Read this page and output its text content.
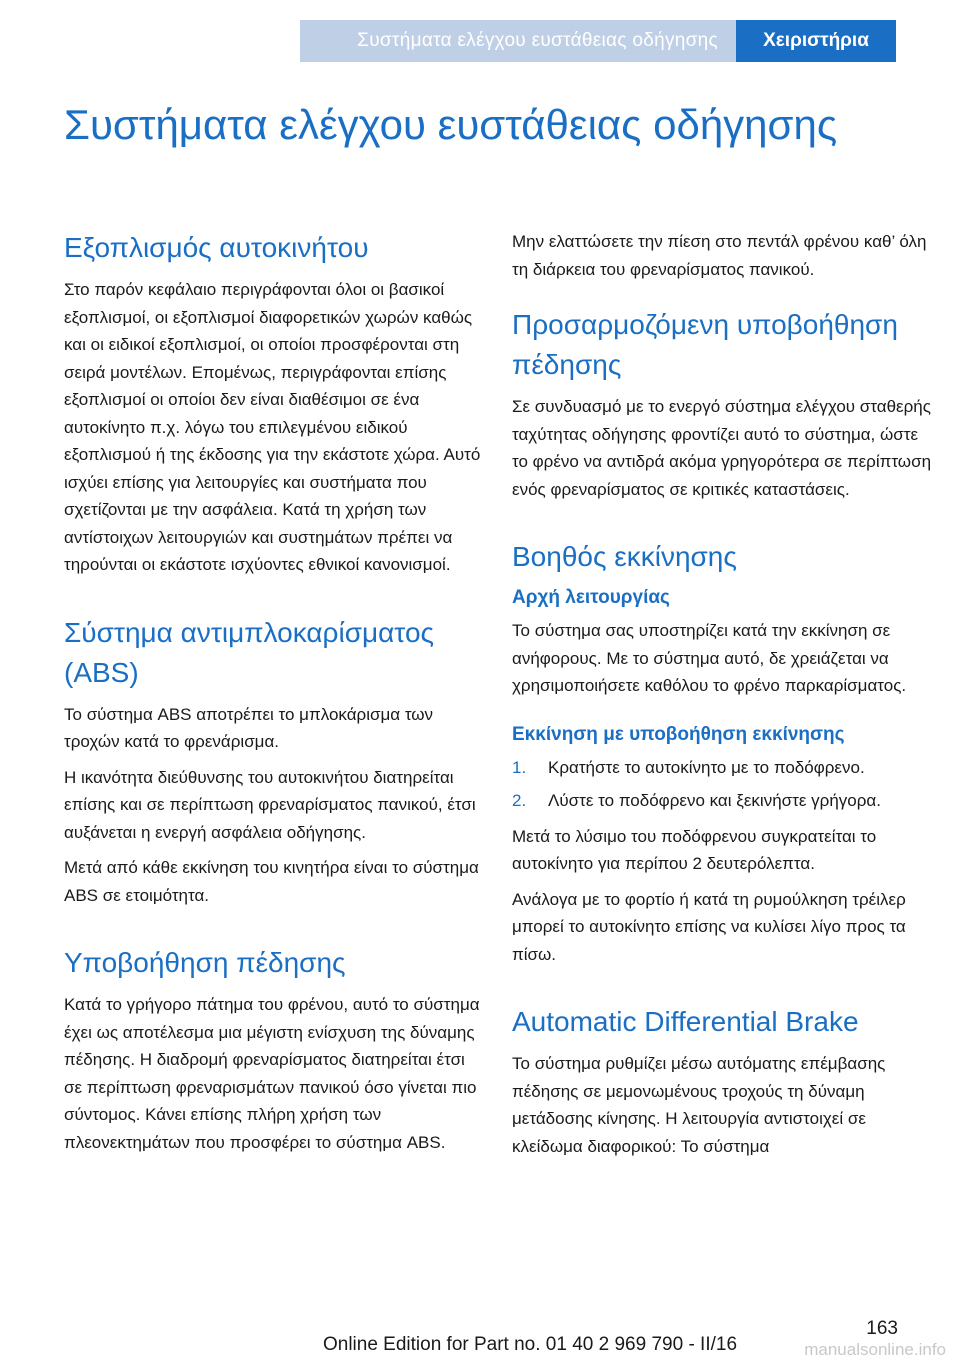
Συστήματα ελέγχου ευστάθειας οδήγησης	Χειριστήρια
Συστήματα ελέγχου ευστάθειας οδήγησης
Εξοπλισμός αυτοκινήτου

Στο παρόν κεφάλαιο περιγράφονται όλοι οι βασικοί εξοπλισμοί, οι εξοπλισμοί διαφορετικών χωρών καθώς και οι ειδικοί εξοπλισμοί, οι οποίοι προσφέρονται στη σειρά μοντέλων. Επομένως, περιγράφονται επίσης εξοπλισμοί οι οποίοι δεν είναι διαθέσιμοι σε ένα αυτοκίνητο π.χ. λόγω του επιλεγμένου ειδικού εξοπλισμού ή της έκδοσης για την εκάστοτε χώρα. Αυτό ισχύει επίσης για λειτουργίες και συστήματα που σχετίζονται με την ασφάλεια. Κατά τη χρήση των αντίστοιχων λειτουργιών και συστημάτων πρέπει να τηρούνται οι εκάστοτε ισχύοντες εθνικοί κανονισμοί.

Σύστημα αντιμπλοκαρίσματος (ABS)

Το σύστημα ABS αποτρέπει το μπλοκάρισμα των τροχών κατά το φρενάρισμα.

Η ικανότητα διεύθυνσης του αυτοκινήτου διατηρείται επίσης και σε περίπτωση φρεναρίσματος πανικού, έτσι αυξάνεται η ενεργή ασφάλεια οδήγησης.

Μετά από κάθε εκκίνηση του κινητήρα είναι το σύστημα ABS σε ετοιμότητα.

Υποβοήθηση πέδησης

Κατά το γρήγορο πάτημα του φρένου, αυτό το σύστημα έχει ως αποτέλεσμα μια μέγιστη ενίσχυση της δύναμης πέδησης. Η διαδρομή φρεναρίσματος διατηρείται έτσι σε περίπτωση φρεναρισμάτων πανικού όσο γίνεται πιο σύντομος. Κάνει επίσης πλήρη χρήση των πλεονεκτημάτων που προσφέρει το σύστημα ABS.

Μην ελαττώσετε την πίεση στο πεντάλ φρένου καθ’ όλη τη διάρκεια του φρεναρίσματος πανικού.

Προσαρμοζόμενη υποβοήθηση πέδησης

Σε συνδυασμό με το ενεργό σύστημα ελέγχου σταθερής ταχύτητας οδήγησης φροντίζει αυτό το σύστημα, ώστε το φρένο να αντιδρά ακόμα γρηγορότερα σε περίπτωση ενός φρεναρίσματος σε κριτικές καταστάσεις.

Βοηθός εκκίνησης
Αρχή λειτουργίας

Το σύστημα σας υποστηρίζει κατά την εκκίνηση σε ανήφορους. Με το σύστημα αυτό, δε χρειάζεται να χρησιμοποιήσετε καθόλου το φρένο παρκαρίσματος.

Εκκίνηση με υποβοήθηση εκκίνησης
1. Κρατήστε το αυτοκίνητο με το ποδόφρενο.
2. Λύστε το ποδόφρενο και ξεκινήστε γρήγορα.

Μετά το λύσιμο του ποδόφρενου συγκρατείται το αυτοκίνητο για περίπου 2 δευτερόλεπτα.

Ανάλογα με το φορτίο ή κατά τη ρυμούλκηση τρέιλερ μπορεί το αυτοκίνητο επίσης να κυλίσει λίγο προς τα πίσω.

Automatic Differential Brake

Το σύστημα ρυθμίζει μέσω αυτόματης επέμβασης πέδησης σε μεμονωμένους τροχούς τη δύναμη μετάδοσης κίνησης. Η λειτουργία αντιστοιχεί σε κλείδωμα διαφορικού: Το σύστημα

163
Online Edition for Part no. 01 40 2 969 790 - II/16	manualsonline.info
